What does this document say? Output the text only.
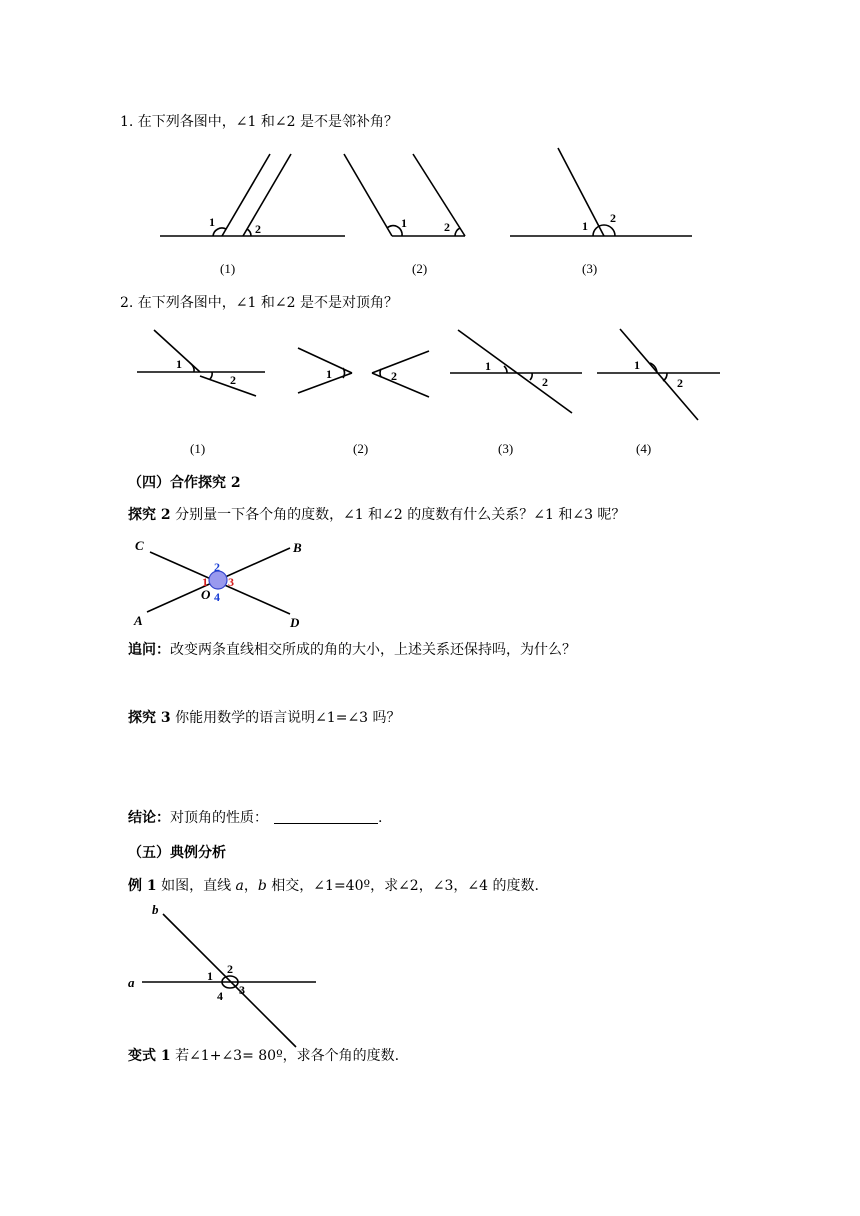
1. 在下列各图中，∠1 和∠2 是不是邻补角？
2. 在下列各图中，∠1 和∠2 是不是对顶角？
（四）合作探究 2
探究 2 分别量一下各个角的度数，∠1 和∠2 的度数有什么关系？∠1 和∠3 呢？
追问：改变两条直线相交所成的角的大小，上述关系还保持吗，为什么？
探究 3 你能用数学的语言说明∠1=∠3 吗？
结论：对顶角的性质：	.
（五）典例分析
例 1 如图，直线 a，b 相交，∠1=40º，求∠2，∠3，∠4 的度数.
变式 1 若∠1+∠3= 80º，求各个角的度数.
(1)	(2)	(3)
(1)	(2)	(3)	(4)
1	2	1	2	1
2
1
2	1	2
1
2
1
2
1
2
3
4
A
B
C
D
O
a
b
1 2
3
4
